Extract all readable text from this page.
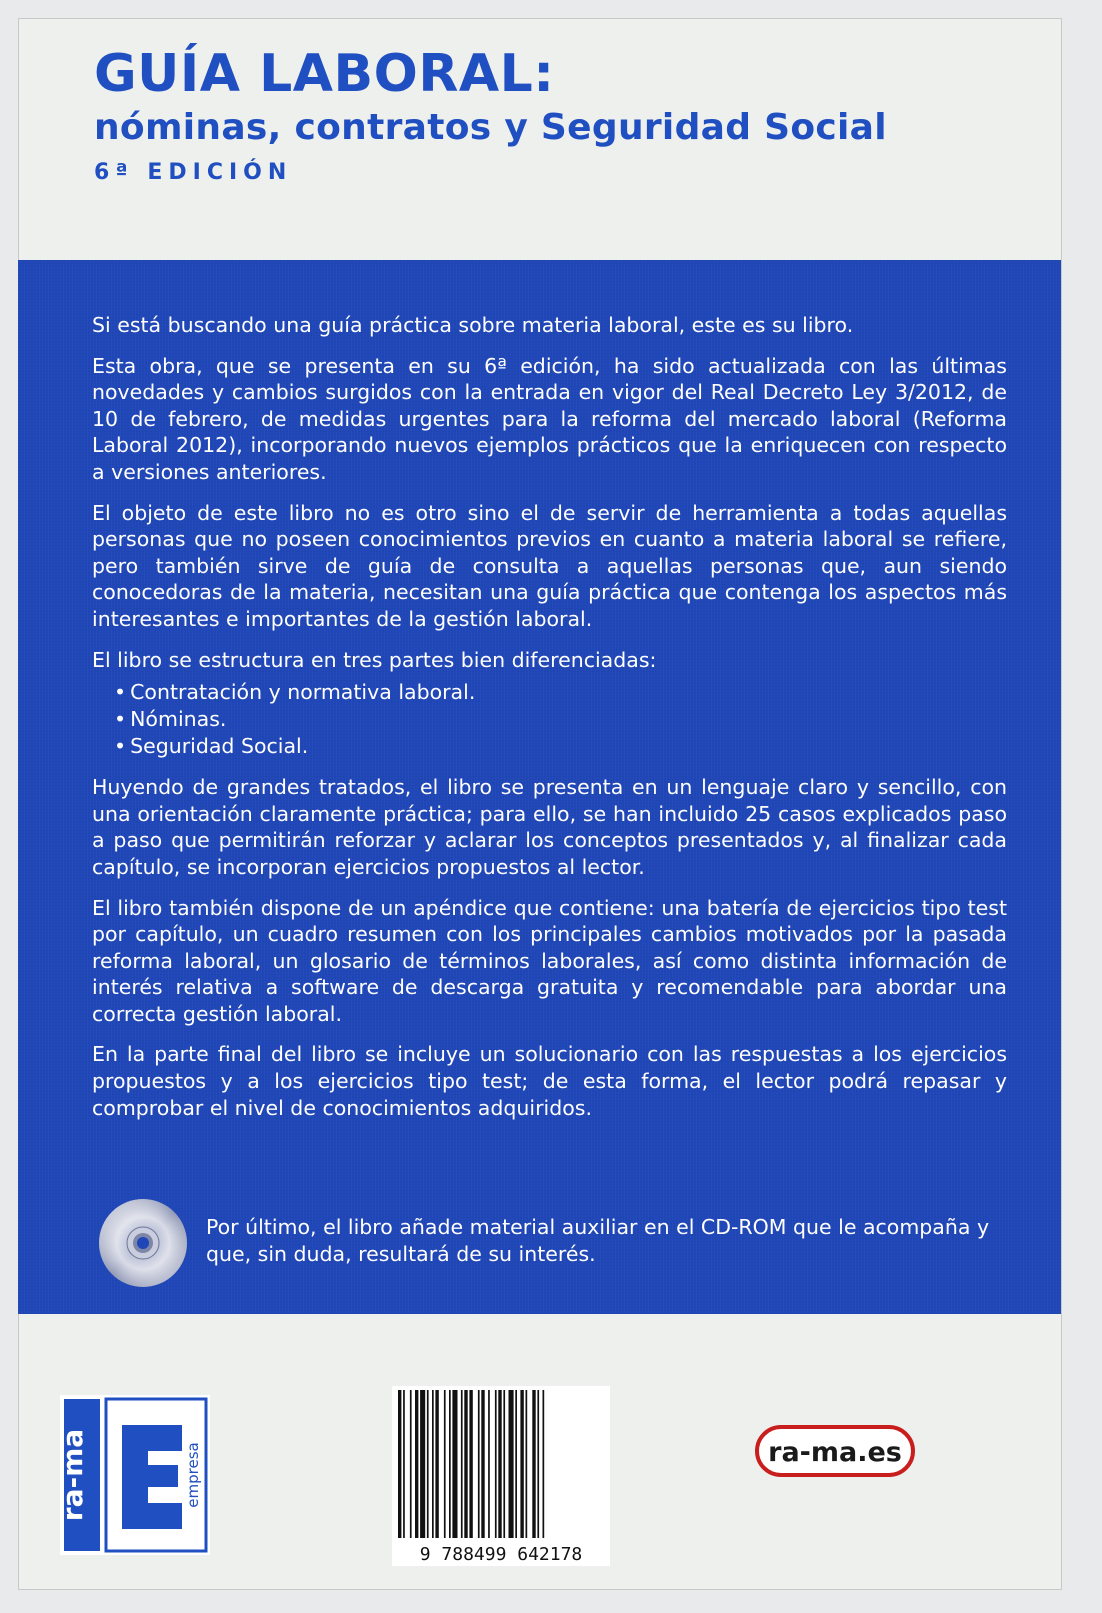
GUÍA LABORAL:
nóminas, contratos y Seguridad Social
6ª EDICIÓN

Si está buscando una guía práctica sobre materia laboral, este es su libro.

Esta obra, que se presenta en su 6ª edición, ha sido actualizada con las últimas novedades y cambios surgidos con la entrada en vigor del Real Decreto Ley 3/2012, de 10 de febrero, de medidas urgentes para la reforma del mercado laboral (Reforma Laboral 2012), incorporando nuevos ejemplos prácticos que la enriquecen con respecto a versiones anteriores.

El objeto de este libro no es otro sino el de servir de herramienta a todas aquellas personas que no poseen conocimientos previos en cuanto a materia laboral se refiere, pero también sirve de guía de consulta a aquellas personas que, aun siendo conocedoras de la materia, necesitan una guía práctica que contenga los aspectos más interesantes e importantes de la gestión laboral.

El libro se estructura en tres partes bien diferenciadas:

• Contratación y normativa laboral.
• Nóminas.
• Seguridad Social.

Huyendo de grandes tratados, el libro se presenta en un lenguaje claro y sencillo, con una orientación claramente práctica; para ello, se han incluido 25 casos explicados paso a paso que permitirán reforzar y aclarar los conceptos presentados y, al finalizar cada capítulo, se incorporan ejercicios propuestos al lector.

El libro también dispone de un apéndice que contiene: una batería de ejercicios tipo test por capítulo, un cuadro resumen con los principales cambios motivados por la pasada reforma laboral, un glosario de términos laborales, así como distinta información de interés relativa a software de descarga gratuita y recomendable para abordar una correcta gestión laboral.

En la parte final del libro se incluye un solucionario con las respuestas a los ejercicios propuestos y a los ejercicios tipo test; de esta forma, el lector podrá repasar y comprobar el nivel de conocimientos adquiridos.

Por último, el libro añade material auxiliar en el CD-ROM que le acompaña y que, sin duda, resultará de su interés.

ra-ma	empresa
9 788499 642178
ra-ma.es
